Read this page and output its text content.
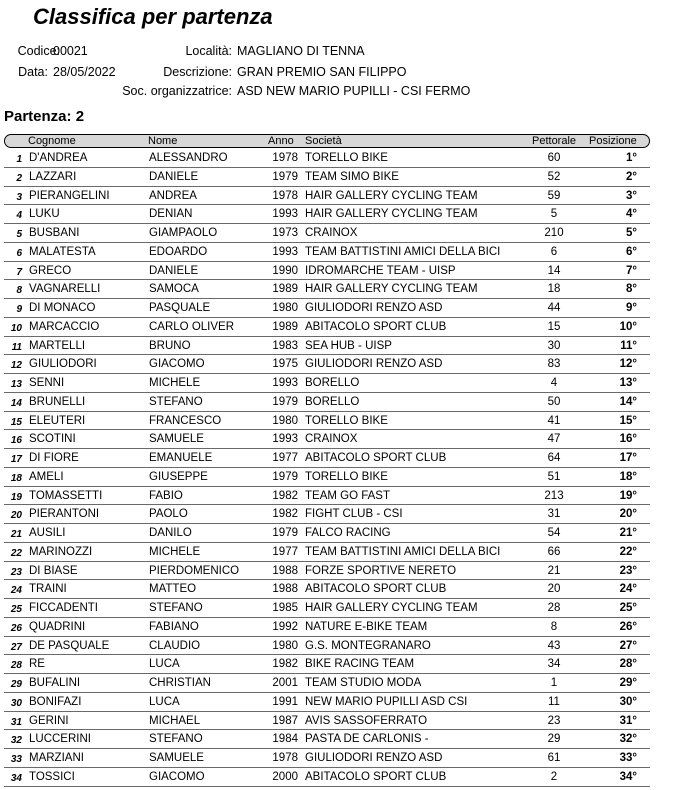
Classifica per partenza
Codice:
00021
Data: 28/05/2022
Località: MAGLIANO DI TENNA
Descrizione: GRAN PREMIO SAN FILIPPO
Soc. organizzatrice: ASD NEW MARIO PUPILLI - CSI FERMO
Partenza: 2
Cognome	Nome	Anno Società	Pettorale Posizione
1 D'ANDREA	ALESSANDRO	1978 TORELLO BIKE	60	1°
2 LAZZARI	DANIELE	1979 TEAM SIMO BIKE	52	2°
3 PIERANGELINI	ANDREA	1978 HAIR GALLERY CYCLING TEAM	59	3°
4 LUKU	DENIAN	1993 HAIR GALLERY CYCLING TEAM	5	4°
5 BUSBANI	GIAMPAOLO	1973 CRAINOX	210	5°
6 MALATESTA	EDOARDO	1993 TEAM BATTISTINI AMICI DELLA BICI	6	6°
7 GRECO	DANIELE	1990 IDROMARCHE TEAM - UISP	14	7°
8 VAGNARELLI	SAMOCA	1989 HAIR GALLERY CYCLING TEAM	18	8°
9 DI MONACO	PASQUALE	1980 GIULIODORI RENZO ASD	44	9°
10 MARCACCIO	CARLO OLIVER	1989 ABITACOLO SPORT CLUB	15	10°
11 MARTELLI	BRUNO	1983 SEA HUB - UISP	30	11°
12 GIULIODORI	GIACOMO	1975 GIULIODORI RENZO ASD	83	12°
13 SENNI	MICHELE	1993 BORELLO	4	13°
14 BRUNELLI	STEFANO	1979 BORELLO	50	14°
15 ELEUTERI	FRANCESCO	1980 TORELLO BIKE	41	15°
16 SCOTINI	SAMUELE	1993 CRAINOX	47	16°
17 DI FIORE	EMANUELE	1977 ABITACOLO SPORT CLUB	64	17°
18 AMELI	GIUSEPPE	1979 TORELLO BIKE	51	18°
19 TOMASSETTI	FABIO	1982 TEAM GO FAST	213	19°
20 PIERANTONI	PAOLO	1982 FIGHT CLUB - CSI	31	20°
21 AUSILI	DANILO	1979 FALCO RACING	54	21°
22 MARINOZZI	MICHELE	1977 TEAM BATTISTINI AMICI DELLA BICI	66	22°
23 DI BIASE	PIERDOMENICO	1988 FORZE SPORTIVE NERETO	21	23°
24 TRAINI	MATTEO	1988 ABITACOLO SPORT CLUB	20	24°
25 FICCADENTI	STEFANO	1985 HAIR GALLERY CYCLING TEAM	28	25°
26 QUADRINI	FABIANO	1992 NATURE E-BIKE TEAM	8	26°
27 DE PASQUALE	CLAUDIO	1980 G.S. MONTEGRANARO	43	27°
28 RE	LUCA	1982 BIKE RACING TEAM	34	28°
29 BUFALINI	CHRISTIAN	2001 TEAM STUDIO MODA	1	29°
30 BONIFAZI	LUCA	1991 NEW MARIO PUPILLI ASD CSI	11	30°
31 GERINI	MICHAEL	1987 AVIS SASSOFERRATO	23	31°
32 LUCCERINI	STEFANO	1984 PASTA DE CARLONIS -	29	32°
33 MARZIANI	SAMUELE	1978 GIULIODORI RENZO ASD	61	33°
34 TOSSICI	GIACOMO	2000 ABITACOLO SPORT CLUB	2	34°
